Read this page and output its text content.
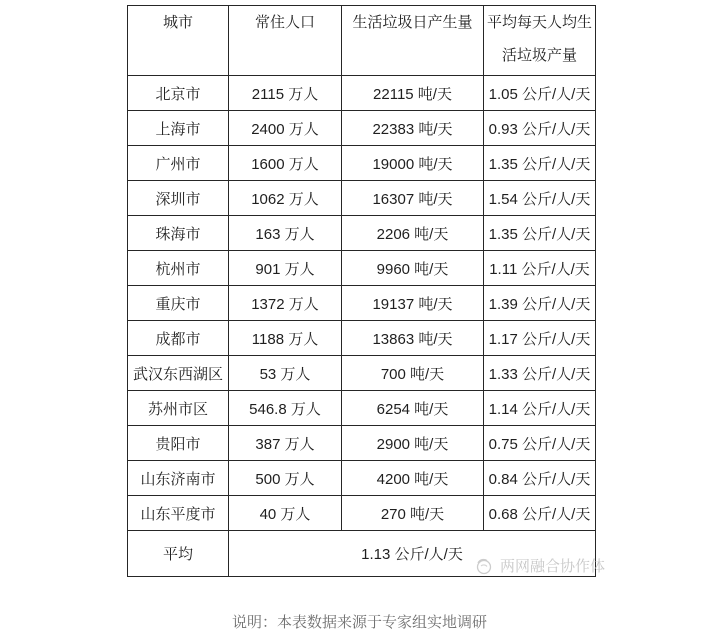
城市	常住人口	生活垃圾日产生量	平均每天人均生活垃圾产量
北京市	2115 万人	22115 吨/天	1.05 公斤/人/天
上海市	2400 万人	22383 吨/天	0.93 公斤/人/天
广州市	1600 万人	19000 吨/天	1.35 公斤/人/天
深圳市	1062 万人	16307 吨/天	1.54 公斤/人/天
珠海市	163 万人	2206 吨/天	1.35 公斤/人/天
杭州市	901 万人	9960 吨/天	1.11 公斤/人/天
重庆市	1372 万人	19137 吨/天	1.39 公斤/人/天
成都市	1188 万人	13863 吨/天	1.17 公斤/人/天
武汉东西湖区	53 万人	700 吨/天	1.33 公斤/人/天
苏州市区	546.8 万人	6254 吨/天	1.14 公斤/人/天
贵阳市	387 万人	2900 吨/天	0.75 公斤/人/天
山东济南市	500 万人	4200 吨/天	0.84 公斤/人/天
山东平度市	40 万人	270 吨/天	0.68 公斤/人/天
平均	1.13 公斤/人/天		
两网融合协作体
说明：本表数据来源于专家组实地调研
